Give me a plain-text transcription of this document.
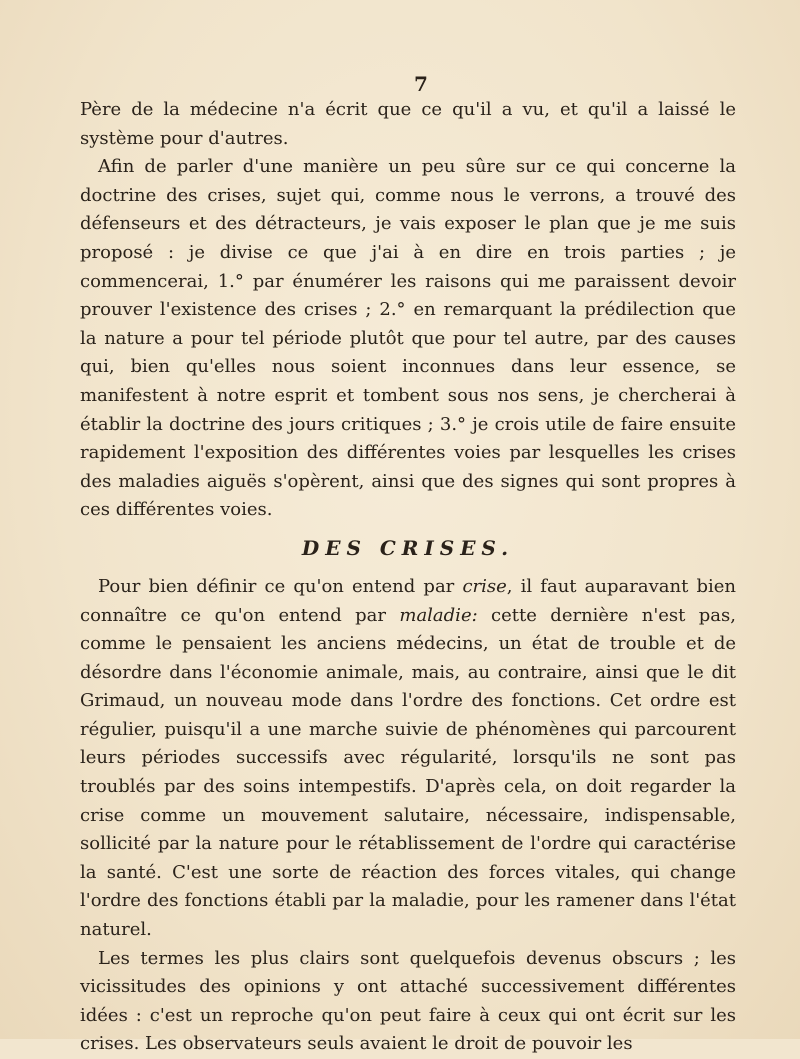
7

Père de la médecine n'a écrit que ce qu'il a vu, et qu'il a laissé le système pour d'autres.

Afin de parler d'une manière un peu sûre sur ce qui concerne la doctrine des crises, sujet qui, comme nous le verrons, a trouvé des défenseurs et des détracteurs, je vais exposer le plan que je me suis proposé : je divise ce que j'ai à en dire en trois parties ; je commencerai, 1.° par énumérer les raisons qui me paraissent devoir prouver l'existence des crises ; 2.° en remarquant la prédilection que la nature a pour tel période plutôt que pour tel autre, par des causes qui, bien qu'elles nous soient inconnues dans leur essence, se manifestent à notre esprit et tombent sous nos sens, je chercherai à établir la doctrine des jours critiques ; 3.° je crois utile de faire ensuite rapidement l'exposition des différentes voies par lesquelles les crises des maladies aiguës s'opèrent, ainsi que des signes qui sont propres à ces différentes voies.

DES CRISES.

Pour bien définir ce qu'on entend par crise, il faut auparavant bien connaître ce qu'on entend par maladie: cette dernière n'est pas, comme le pensaient les anciens médecins, un état de trouble et de désordre dans l'économie animale, mais, au contraire, ainsi que le dit Grimaud, un nouveau mode dans l'ordre des fonctions. Cet ordre est régulier, puisqu'il a une marche suivie de phénomènes qui parcourent leurs périodes successifs avec régularité, lorsqu'ils ne sont pas troublés par des soins intempestifs. D'après cela, on doit regarder la crise comme un mouvement salutaire, nécessaire, indispensable, sollicité par la nature pour le rétablissement de l'ordre qui caractérise la santé. C'est une sorte de réaction des forces vitales, qui change l'ordre des fonctions établi par la maladie, pour les ramener dans l'état naturel.

Les termes les plus clairs sont quelquefois devenus obscurs ; les vicissitudes des opinions y ont attaché successivement différentes idées : c'est un reproche qu'on peut faire à ceux qui ont écrit sur les crises. Les observateurs seuls avaient le droit de pouvoir les
